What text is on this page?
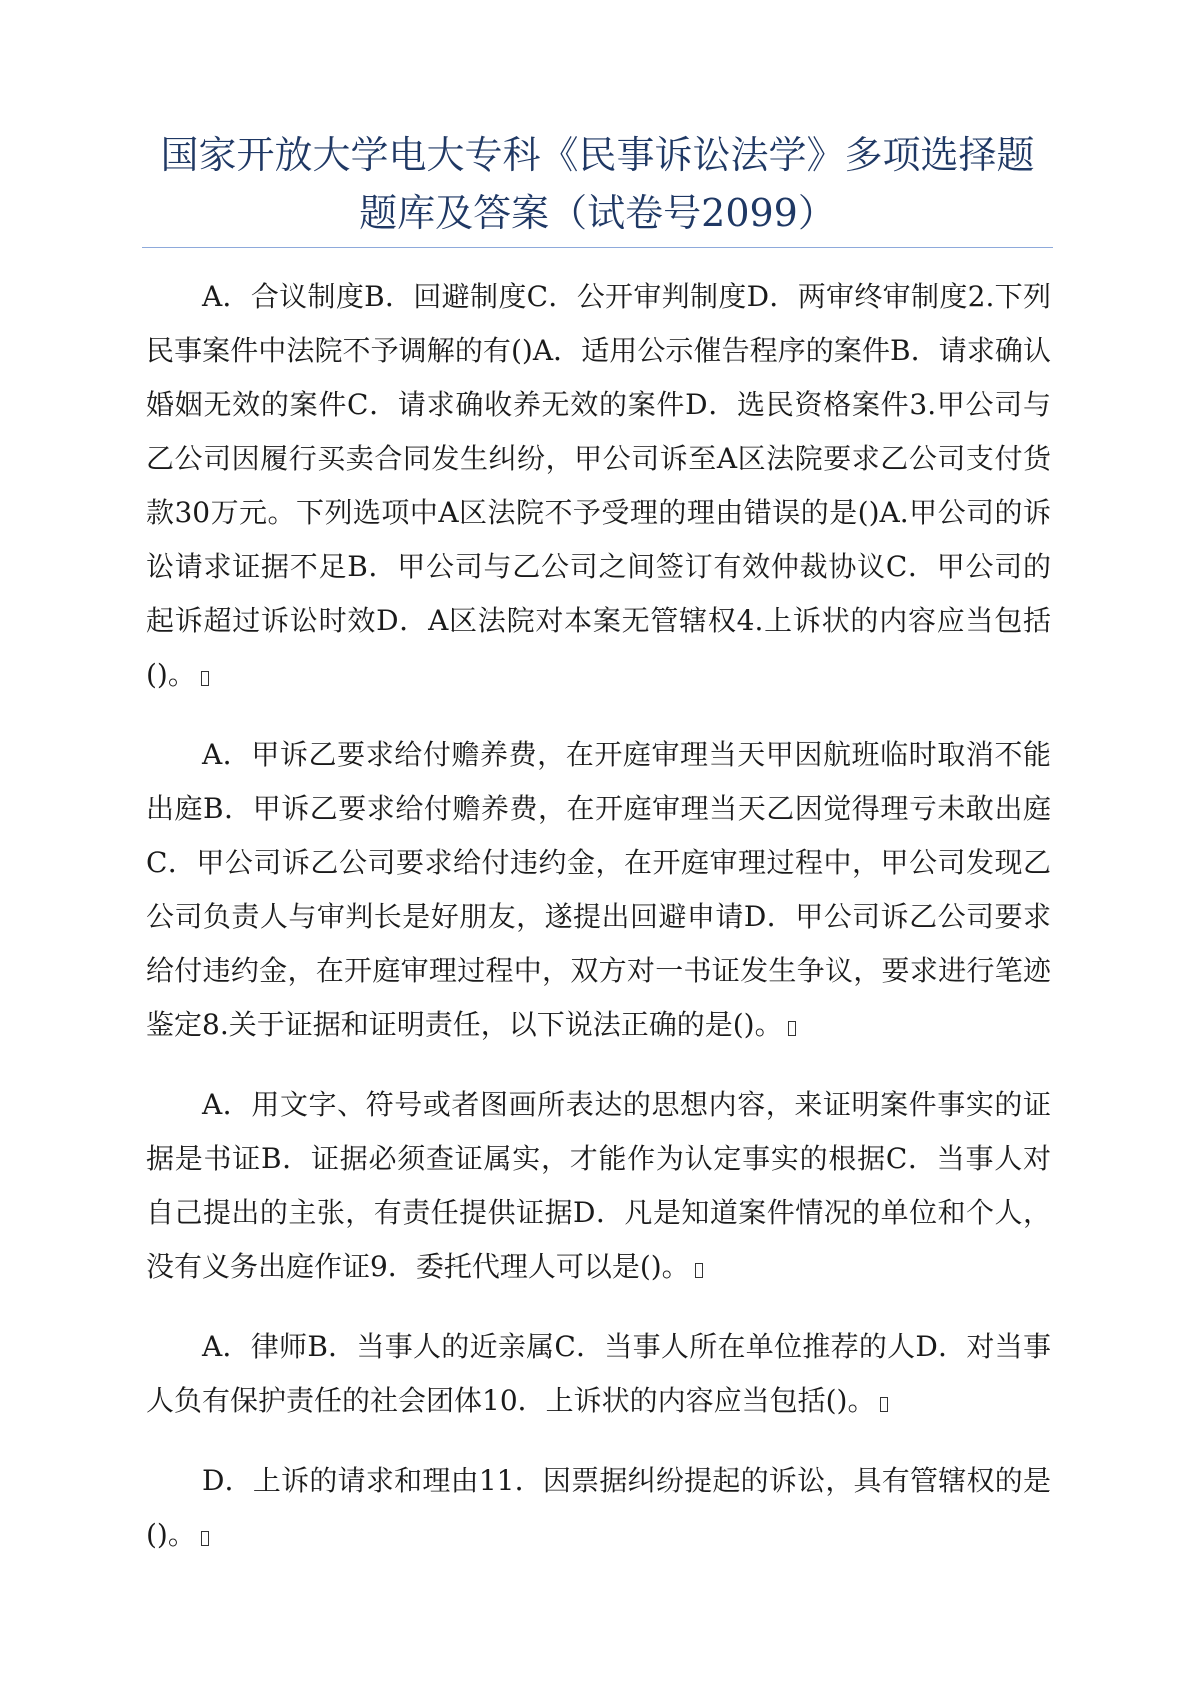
国家开放大学电大专科《民事诉讼法学》多项选择题题库及答案（试卷号2099）

A．合议制度B．回避制度C．公开审判制度D．两审终审制度2.下列民事案件中法院不予调解的有()A．适用公示催告程序的案件B．请求确认婚姻无效的案件C．请求确收养无效的案件D．选民资格案件3.甲公司与乙公司因履行买卖合同发生纠纷，甲公司诉至A区法院要求乙公司支付货款30万元。下列选项中A区法院不予受理的理由错误的是()A.甲公司的诉讼请求证据不足B．甲公司与乙公司之间签订有效仲裁协议C．甲公司的起诉超过诉讼时效D．A区法院对本案无管辖权4.上诉状的内容应当包括()。

A．甲诉乙要求给付赡养费，在开庭审理当天甲因航班临时取消不能出庭B．甲诉乙要求给付赡养费，在开庭审理当天乙因觉得理亏未敢出庭C．甲公司诉乙公司要求给付违约金，在开庭审理过程中，甲公司发现乙公司负责人与审判长是好朋友，遂提出回避申请D．甲公司诉乙公司要求给付违约金，在开庭审理过程中，双方对一书证发生争议，要求进行笔迹鉴定8.关于证据和证明责任，以下说法正确的是()。

A．用文字、符号或者图画所表达的思想内容，来证明案件事实的证据是书证B．证据必须查证属实，才能作为认定事实的根据C．当事人对自己提出的主张，有责任提供证据D．凡是知道案件情况的单位和个人，没有义务出庭作证9．委托代理人可以是()。

A．律师B．当事人的近亲属C．当事人所在单位推荐的人D．对当事人负有保护责任的社会团体10．上诉状的内容应当包括()。

D．上诉的请求和理由11．因票据纠纷提起的诉讼，具有管辖权的是()。
